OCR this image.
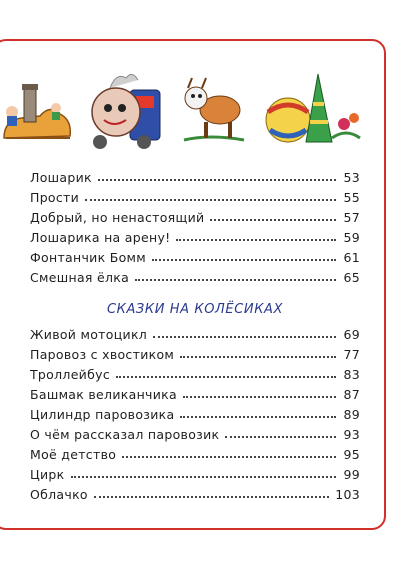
Лошарик	53
Прости	55
Добрый, но ненастоящий	57
Лошарика на арену!	59
Фонтанчик Бомм	61
Смешная ёлка	65
СКАЗКИ НА КОЛЁСИКАХ
Живой мотоцикл	69
Паровоз с хвостиком	77
Троллейбус	83
Башмак великанчика	87
Цилиндр паровозика	89
О чём рассказал паровозик	93
Моё детство	95
Цирк	99
Облачко	103
